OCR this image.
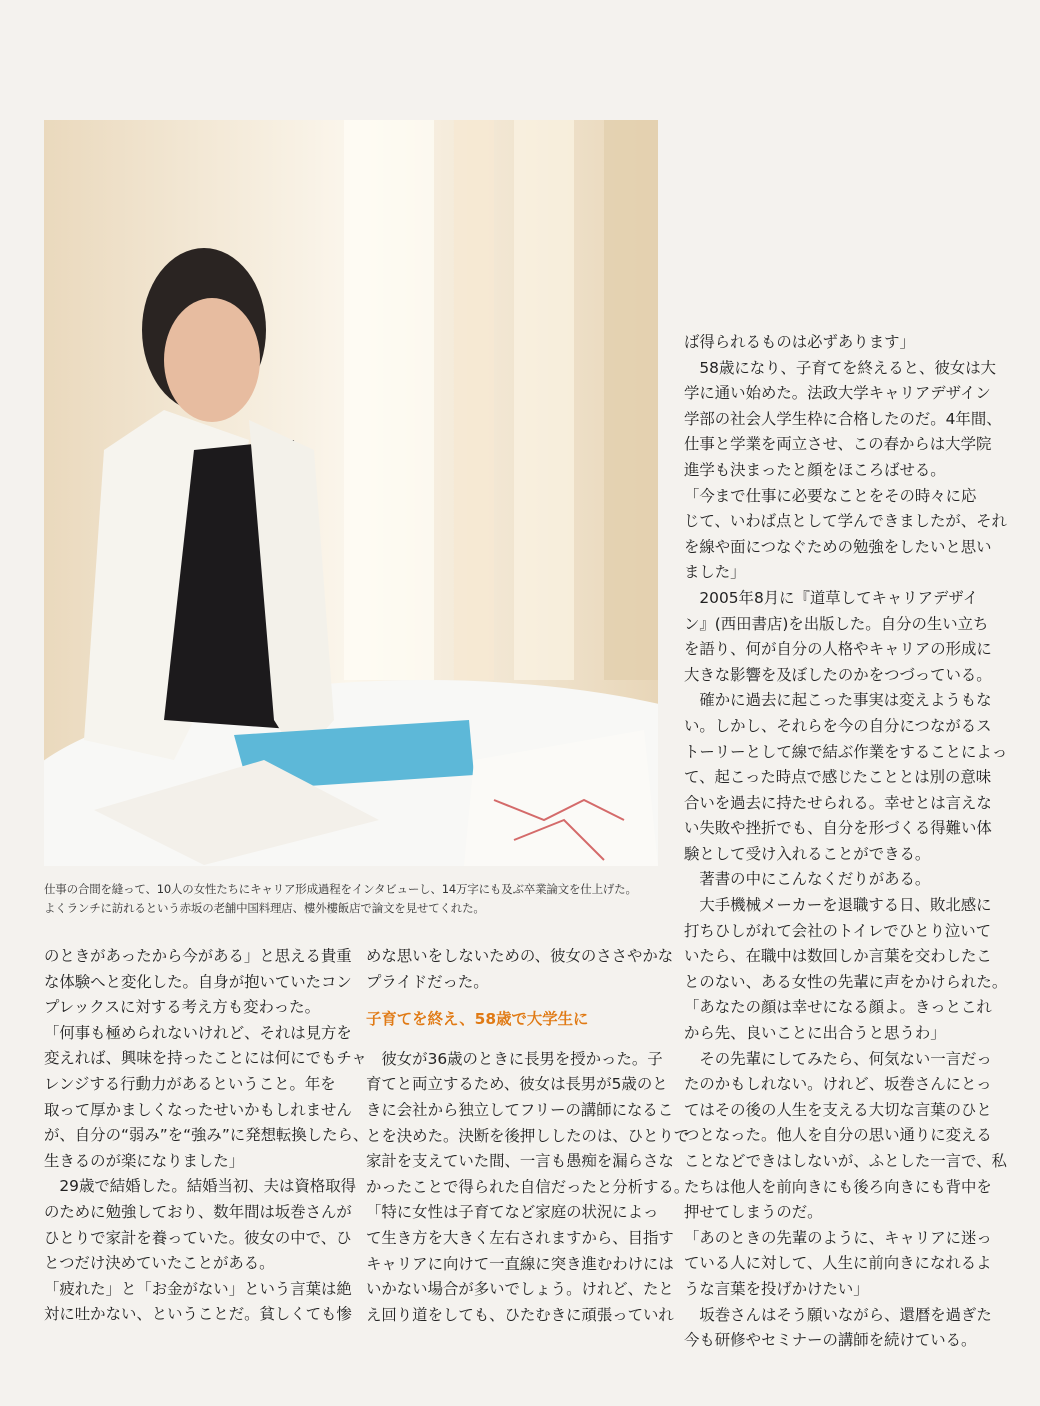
仕事の合間を縫って、10人の女性たちにキャリア形成過程をインタビューし、14万字にも及ぶ卒業論文を仕上げた。

よくランチに訪れるという赤坂の老舗中国料理店、樓外樓飯店で論文を見せてくれた。

のときがあったから今がある」と思える貴重

な体験へと変化した。自身が抱いていたコン

プレックスに対する考え方も変わった。

「何事も極められないけれど、それは見方を

変えれば、興味を持ったことには何にでもチャ

レンジする行動力があるということ。年を

取って厚かましくなったせいかもしれません

が、自分の“弱み”を“強み”に発想転換したら、

生きるのが楽になりました」

　29歳で結婚した。結婚当初、夫は資格取得

のために勉強しており、数年間は坂巻さんが

ひとりで家計を養っていた。彼女の中で、ひ

とつだけ決めていたことがある。

「疲れた」と「お金がない」という言葉は絶

対に吐かない、ということだ。貧しくても惨

めな思いをしないための、彼女のささやかな

プライドだった。

子育てを終え、58歳で大学生に

　彼女が36歳のときに長男を授かった。子

育てと両立するため、彼女は長男が5歳のと

きに会社から独立してフリーの講師になるこ

とを決めた。決断を後押ししたのは、ひとりで

家計を支えていた間、一言も愚痴を漏らさな

かったことで得られた自信だったと分析する。

「特に女性は子育てなど家庭の状況によっ

て生き方を大きく左右されますから、目指す

キャリアに向けて一直線に突き進むわけには

いかない場合が多いでしょう。けれど、たと

え回り道をしても、ひたむきに頑張っていれ

ば得られるものは必ずあります」

　58歳になり、子育てを終えると、彼女は大

学に通い始めた。法政大学キャリアデザイン

学部の社会人学生枠に合格したのだ。4年間、

仕事と学業を両立させ、この春からは大学院

進学も決まったと顔をほころばせる。

「今まで仕事に必要なことをその時々に応

じて、いわば点として学んできましたが、それ

を線や面につなぐための勉強をしたいと思い

ました」

　2005年8月に『道草してキャリアデザイ

ン』(西田書店)を出版した。自分の生い立ち

を語り、何が自分の人格やキャリアの形成に

大きな影響を及ぼしたのかをつづっている。

　確かに過去に起こった事実は変えようもな

い。しかし、それらを今の自分につながるス

トーリーとして線で結ぶ作業をすることによっ

て、起こった時点で感じたこととは別の意味

合いを過去に持たせられる。幸せとは言えな

い失敗や挫折でも、自分を形づくる得難い体

験として受け入れることができる。

　著書の中にこんなくだりがある。

　大手機械メーカーを退職する日、敗北感に

打ちひしがれて会社のトイレでひとり泣いて

いたら、在職中は数回しか言葉を交わしたこ

とのない、ある女性の先輩に声をかけられた。

「あなたの顔は幸せになる顔よ。きっとこれ

から先、良いことに出合うと思うわ」

　その先輩にしてみたら、何気ない一言だっ

たのかもしれない。けれど、坂巻さんにとっ

てはその後の人生を支える大切な言葉のひと

つとなった。他人を自分の思い通りに変える

ことなどできはしないが、ふとした一言で、私

たちは他人を前向きにも後ろ向きにも背中を

押せてしまうのだ。

「あのときの先輩のように、キャリアに迷っ

ている人に対して、人生に前向きになれるよ

うな言葉を投げかけたい」

　坂巻さんはそう願いながら、還暦を過ぎた

今も研修やセミナーの講師を続けている。
